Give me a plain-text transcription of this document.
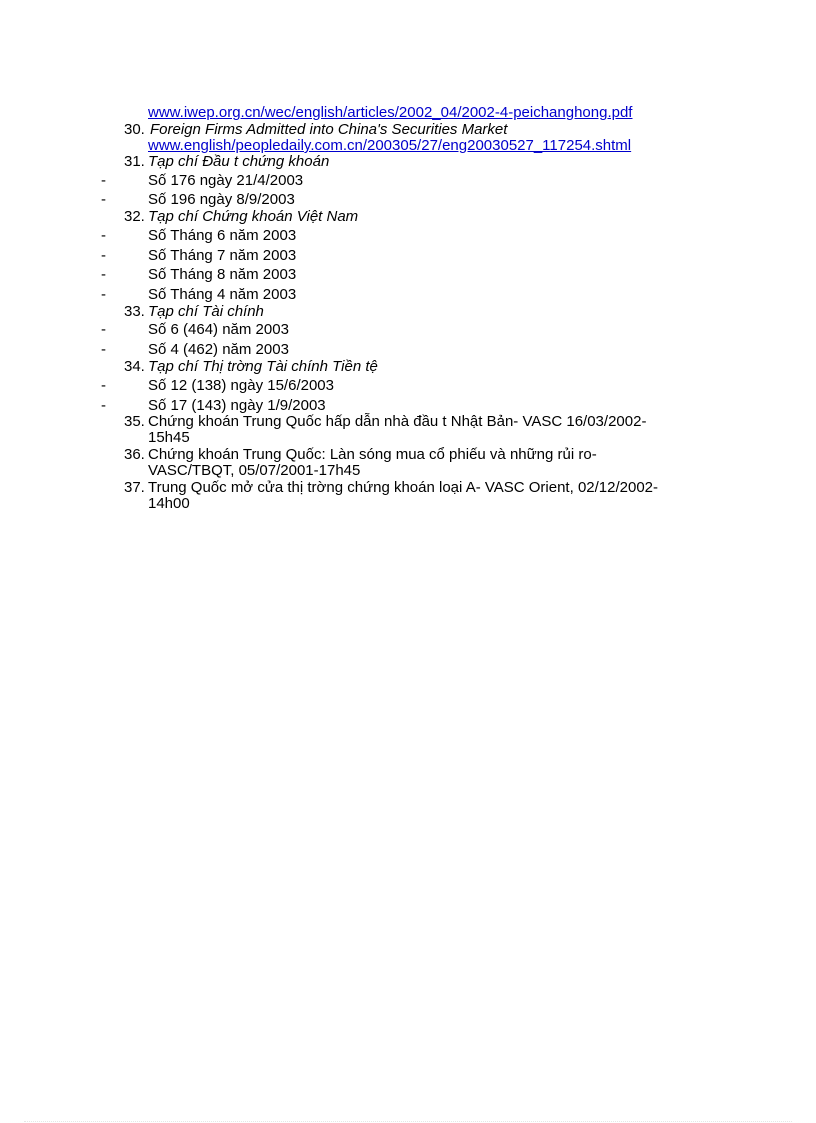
www.iwep.org.cn/wec/english/articles/2002_04/2002-4-peichanghong.pdf
30. Foreign Firms Admitted into China's Securities Market
www.english/peopledaily.com.cn/200305/27/eng20030527_117254.shtml
31. Tạp chí Đầu t chứng khoán
-	Số 176 ngày 21/4/2003
-	Số 196 ngày 8/9/2003
32. Tạp chí Chứng khoán Việt Nam
-	Số Tháng 6 năm 2003
-	Số Tháng 7 năm 2003
-	Số Tháng 8 năm 2003
-	Số Tháng 4 năm 2003
33. Tạp chí Tài chính
-	Số 6 (464) năm 2003
-	Số 4 (462) năm 2003
34. Tạp chí Thị trờng Tài chính Tiền tệ
-	Số 12 (138) ngày 15/6/2003
-	Số 17 (143) ngày 1/9/2003
35. Chứng khoán Trung Quốc hấp dẫn nhà đầu t Nhật Bản- VASC 16/03/2002-
15h45
36. Chứng khoán Trung Quốc: Làn sóng mua cổ phiếu và những rủi ro-
VASC/TBQT, 05/07/2001-17h45
37. Trung Quốc mở cửa thị trờng chứng khoán loại A- VASC Orient, 02/12/2002-
14h00
